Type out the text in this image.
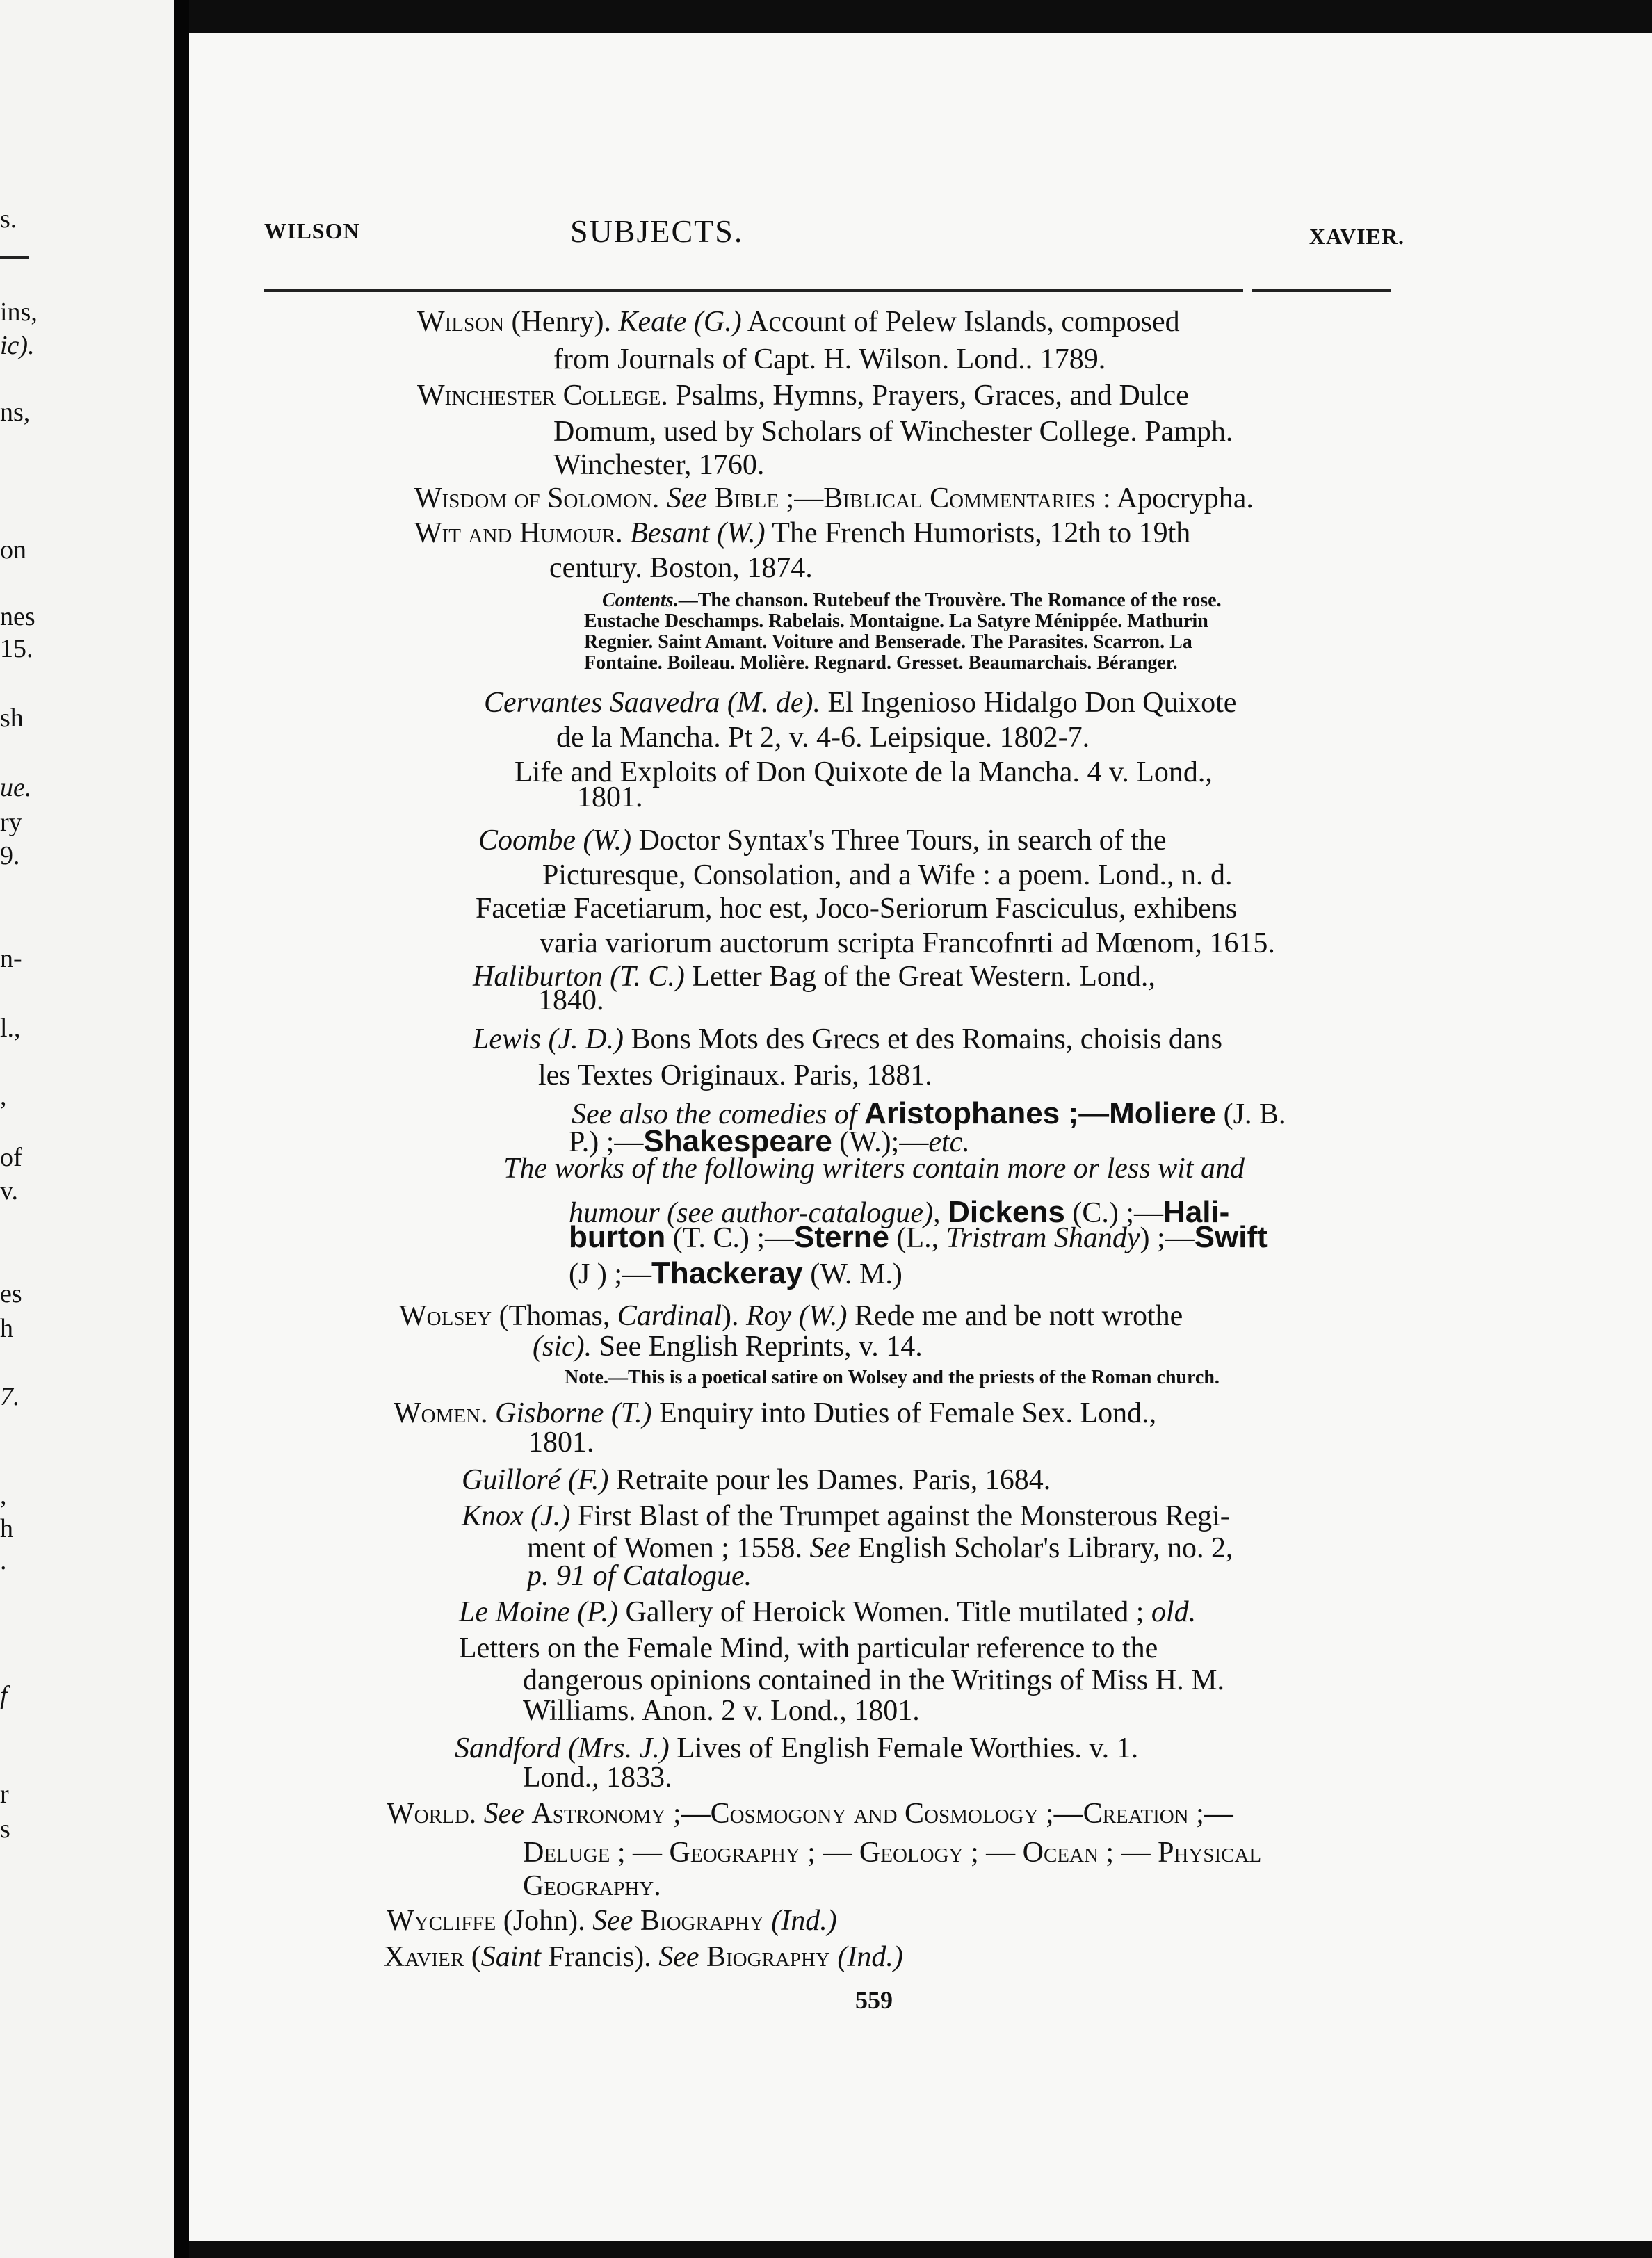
s.
ins,
ic).
ns,
on
nes
15.
sh
ue.
ry
9.
n-
l.,
,
of
v.
es
h
7.
,
h
.
f
r
s
WILSON	SUBJECTS.	XAVIER.
Wilson (Henry). Keate (G.) Account of Pelew Islands, composed
from Journals of Capt. H. Wilson. Lond.. 1789.
Winchester College. Psalms, Hymns, Prayers, Graces, and Dulce
Domum, used by Scholars of Winchester College. Pamph.
Winchester, 1760.
Wisdom of Solomon. See Bible ;—Biblical Commentaries : Apocrypha.
Wit and Humour. Besant (W.) The French Humorists, 12th to 19th
century. Boston, 1874.
Contents.—The chanson. Rutebeuf the Trouvère. The Romance of the rose.
Eustache Deschamps. Rabelais. Montaigne. La Satyre Ménippée. Mathurin
Regnier. Saint Amant. Voiture and Benserade. The Parasites. Scarron. La
Fontaine. Boileau. Molière. Regnard. Gresset. Beaumarchais. Béranger.
Cervantes Saavedra (M. de). El Ingenioso Hidalgo Don Quixote
de la Mancha. Pt 2, v. 4-6. Leipsique. 1802-7.
Life and Exploits of Don Quixote de la Mancha. 4 v. Lond.,
1801.
Coombe (W.) Doctor Syntax's Three Tours, in search of the
Picturesque, Consolation, and a Wife : a poem. Lond., n. d.
Facetiæ Facetiarum, hoc est, Joco-Seriorum Fasciculus, exhibens
varia variorum auctorum scripta Francofnrti ad Mœnom, 1615.
Haliburton (T. C.) Letter Bag of the Great Western. Lond.,
1840.
Lewis (J. D.) Bons Mots des Grecs et des Romains, choisis dans
les Textes Originaux. Paris, 1881.
See also the comedies of Aristophanes ;—Moliere (J. B.
P.) ;—Shakespeare (W.);—etc.
The works of the following writers contain more or less wit and
humour (see author-catalogue), Dickens (C.) ;—Hali-
burton (T. C.) ;—Sterne (L., Tristram Shandy) ;—Swift
(J ) ;—Thackeray (W. M.)
Wolsey (Thomas, Cardinal). Roy (W.) Rede me and be nott wrothe
(sic). See English Reprints, v. 14.
Note.—This is a poetical satire on Wolsey and the priests of the Roman church.
Women. Gisborne (T.) Enquiry into Duties of Female Sex. Lond.,
1801.
Guilloré (F.) Retraite pour les Dames. Paris, 1684.
Knox (J.) First Blast of the Trumpet against the Monsterous Regi-
ment of Women ; 1558. See English Scholar's Library, no. 2,
p. 91 of Catalogue.
Le Moine (P.) Gallery of Heroick Women. Title mutilated ; old.
Letters on the Female Mind, with particular reference to the
dangerous opinions contained in the Writings of Miss H. M.
Williams. Anon. 2 v. Lond., 1801.
Sandford (Mrs. J.) Lives of English Female Worthies. v. 1.
Lond., 1833.
World. See Astronomy ;—Cosmogony and Cosmology ;—Creation ;—
Deluge ; — Geography ; — Geology ; — Ocean ; — Physical
Geography.
Wycliffe (John). See Biography (Ind.)
Xavier (Saint Francis). See Biography (Ind.)
559
